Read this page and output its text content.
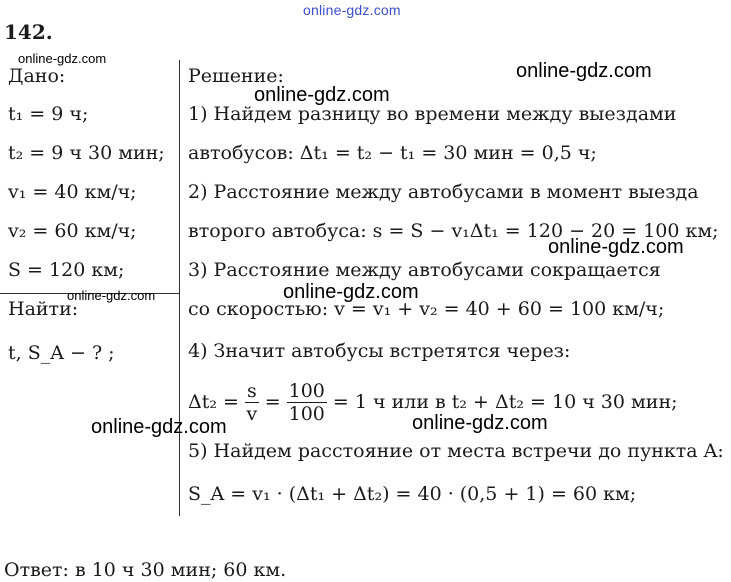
online-gdz.com
142.
Дано:
t₁ = 9 ч;
t₂ = 9 ч 30 мин;
v₁ = 40 км/ч;
v₂ = 60 км/ч;
S = 120 км;
Найти:
t, S_A − ? ;
Решение:
1) Найдем разницу во времени между выездами
автобусов: Δt₁ = t₂ − t₁ = 30 мин = 0,5 ч;
2) Расстояние между автобусами в момент выезда
второго автобуса: s = S − v₁Δt₁ = 120 − 20 = 100 км;
3) Расстояние между автобусами сокращается
со скоростью: v = v₁ + v₂ = 40 + 60 = 100 км/ч;
4) Значит автобусы встретятся через:
$\Delta t_2 = \frac{s}{v} = \frac{100}{100} = 1$ ч или в t₂ + Δt₂ = 10 ч 30 мин;
5) Найдем расстояние от места встречи до пункта A:
S_A = v₁ · (Δt₁ + Δt₂) = 40 · (0,5 + 1) = 60 км;
Ответ: в 10 ч 30 мин; 60 км.
online-gdz.com
online-gdz.com
online-gdz.com
online-gdz.com
online-gdz.com	online-gdz.com
online-gdz.com	online-gdz.com
